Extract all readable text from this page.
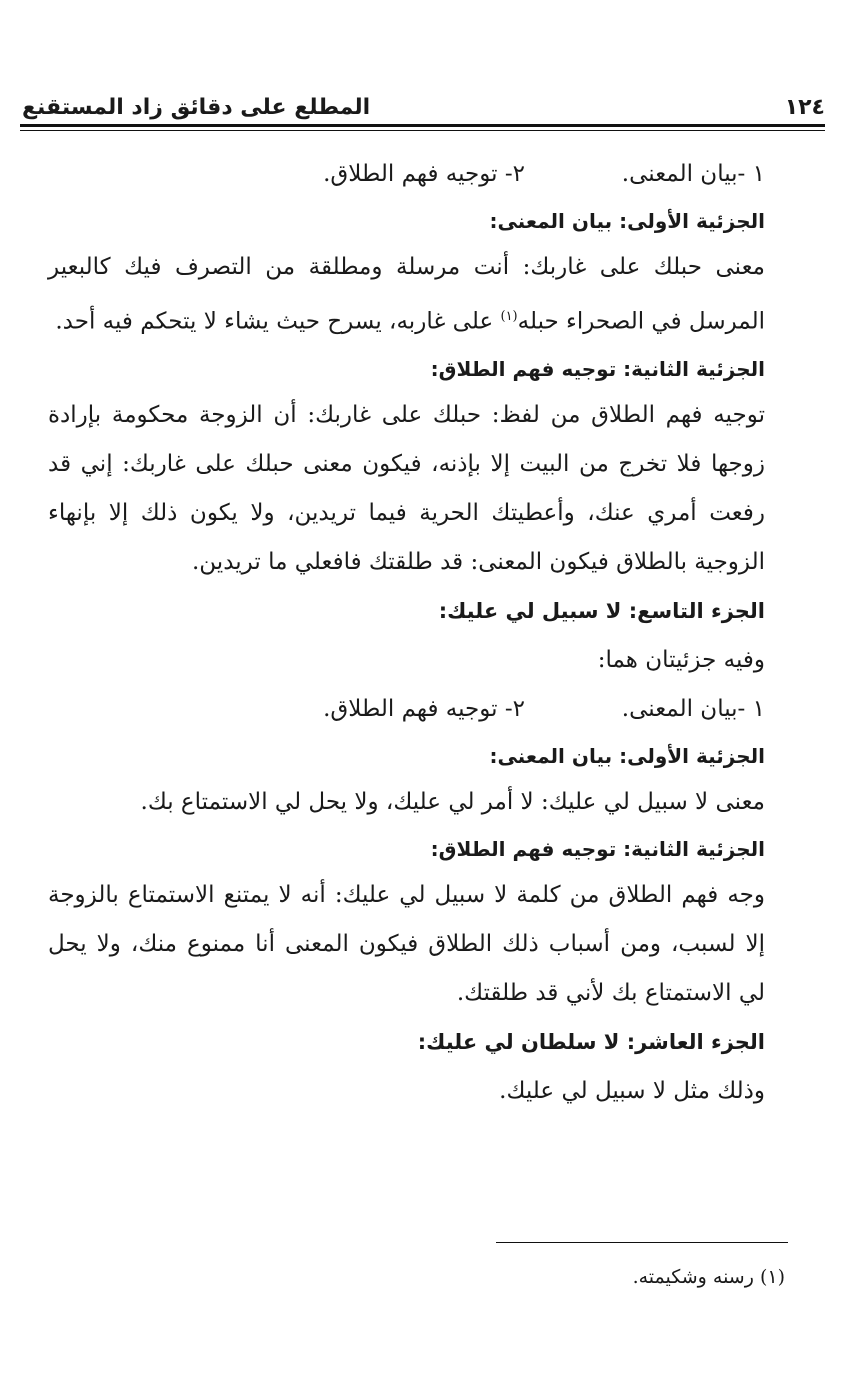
١٢٤
المطلع على دقائق زاد المستقنع
١ -بيان المعنى.
٢- توجيه فهم الطلاق.
الجزئية الأولى: بيان المعنى:

معنى حبلك على غاربك: أنت مرسلة ومطلقة من التصرف فيك كالبعير المرسل في الصحراء حبله$^{(١)}$ على غاربه، يسرح حيث يشاء لا يتحكم فيه أحد.

الجزئية الثانية: توجيه فهم الطلاق:

توجيه فهم الطلاق من لفظ: حبلك على غاربك: أن الزوجة محكومة بإرادة زوجها فلا تخرج من البيت إلا بإذنه، فيكون معنى حبلك على غاربك: إني قد رفعت أمري عنك، وأعطيتك الحرية فيما تريدين، ولا يكون ذلك إلا بإنهاء الزوجية بالطلاق فيكون المعنى: قد طلقتك فافعلي ما تريدين.

الجزء التاسع: لا سبيل لي عليك:

وفيه جزئيتان هما:

١ -بيان المعنى.
٢- توجيه فهم الطلاق.
الجزئية الأولى: بيان المعنى:

معنى لا سبيل لي عليك: لا أمر لي عليك، ولا يحل لي الاستمتاع بك.

الجزئية الثانية: توجيه فهم الطلاق:

وجه فهم الطلاق من كلمة لا سبيل لي عليك: أنه لا يمتنع الاستمتاع بالزوجة إلا لسبب، ومن أسباب ذلك الطلاق فيكون المعنى أنا ممنوع منك، ولا يحل لي الاستمتاع بك لأني قد طلقتك.

الجزء العاشر: لا سلطان لي عليك:

وذلك مثل لا سبيل لي عليك.

(١) رسنه وشكيمته.
